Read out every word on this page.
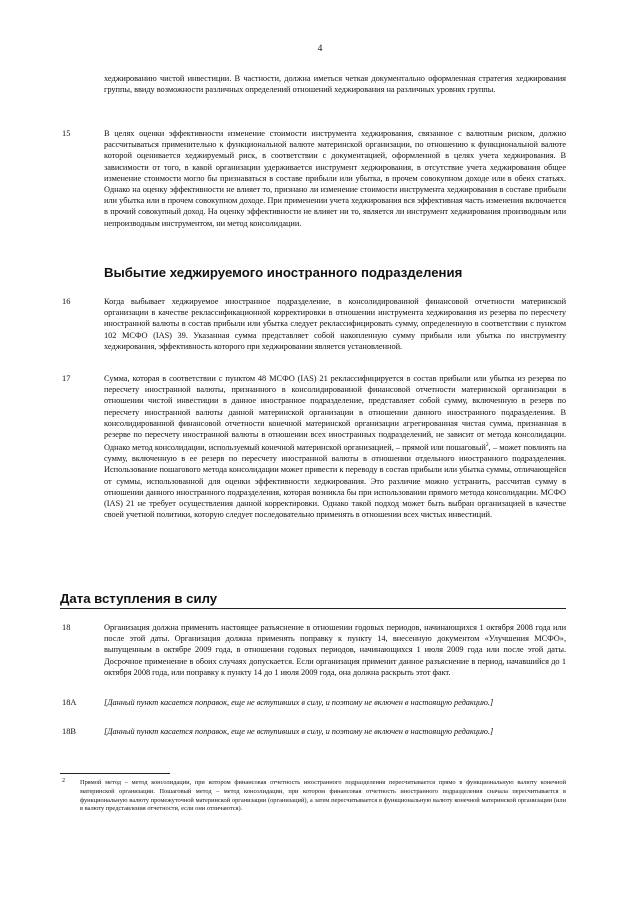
4

хеджированию чистой инвестиции. В частности, должна иметься четкая документально оформленная стратегия хеджирования группы, ввиду возможности различных определений отношений хеджирования на различных уровнях группы.

15	В целях оценки эффективности изменение стоимости инструмента хеджирования, связанное с валютным риском, должно рассчитываться применительно к функциональной валюте материнской организации, по отношению к функциональной валюте которой оценивается хеджируемый риск, в соответствии с документацией, оформленной в целях учета хеджирования. В зависимости от того, в какой организации удерживается инструмент хеджирования, в отсутствие учета хеджирования общее изменение стоимости могло бы признаваться в составе прибыли или убытка, в прочем совокупном доходе или в обеих статьях. Однако на оценку эффективности не влияет то, признано ли изменение стоимости инструмента хеджирования в составе прибыли или убытка или в прочем совокупном доходе. При применении учета хеджирования вся эффективная часть изменения включается в прочий совокупный доход. На оценку эффективности не влияет ни то, является ли инструмент хеджирования производным или непроизводным инструментом, ни метод консолидации.

Выбытие хеджируемого иностранного подразделения
16	Когда выбывает хеджируемое иностранное подразделение, в консолидированной финансовой отчетности материнской организации в качестве реклассификационной корректировки в отношении инструмента хеджирования из резерва по пересчету иностранной валюты в состав прибыли или убытка следует реклассифицировать сумму, определенную в соответствии с пунктом 102 МСФО (IAS) 39. Указанная сумма представляет собой накопленную сумму прибыли или убытка по инструменту хеджирования, эффективность которого при хеджировании является установленной.

17	Сумма, которая в соответствии с пунктом 48 МСФО (IAS) 21 реклассифицируется в состав прибыли или убытка из резерва по пересчету иностранной валюты, признанного в консолидированной финансовой отчетности материнской организации в отношении чистой инвестиции в данное иностранное подразделение, представляет собой сумму, включенную в резерв по пересчету иностранной валюты данной материнской организации в отношении данного иностранного подразделения. В консолидированной финансовой отчетности конечной материнской организации агрегированная чистая сумма, признанная в резерве по пересчету иностранной валюты в отношении всех иностранных подразделений, не зависит от метода консолидации. Однако метод консолидации, используемый конечной материнской организацией, – прямой или пошаговый$^2$, – может повлиять на сумму, включенную в ее резерв по пересчету иностранной валюты в отношении отдельного иностранного подразделения. Использование пошагового метода консолидации может привести к переводу в состав прибыли или убытка суммы, отличающейся от суммы, использованной для оценки эффективности хеджирования. Это различие можно устранить, рассчитав сумму в отношении данного иностранного подразделения, которая возникла бы при использовании прямого метода консолидации. МСФО (IAS) 21 не требует осуществления данной корректировки. Однако такой подход может быть выбран организацией в качестве своей учетной политики, которую следует последовательно применять в отношении всех чистых инвестиций.

Дата вступления в силу
18	Организация должна применять настоящее разъяснение в отношении годовых периодов, начинающихся 1 октября 2008 года или после этой даты. Организация должна применять поправку к пункту 14, внесенную документом «Улучшения МСФО», выпущенным в октябре 2009 года, в отношении годовых периодов, начинающихся 1 июля 2009 года или после этой даты. Досрочное применение в обоих случаях допускается. Если организация применит данное разъяснение в период, начавшийся до 1 октября 2008 года, или поправку к пункту 14 до 1 июля 2009 года, она должна раскрыть этот факт.

18A	[Данный пункт касается поправок, еще не вступивших в силу, и поэтому не включен в настоящую редакцию.]

18B	[Данный пункт касается поправок, еще не вступивших в силу, и поэтому не включен в настоящую редакцию.]

2 Прямой метод – метод консолидации, при котором финансовая отчетность иностранного подразделения пересчитывается прямо в функциональную валюту конечной материнской организации. Пошаговый метод – метод консолидации, при котором финансовая отчетность иностранного подразделения сначала пересчитывается в функциональную валюту промежуточной материнской организации (организаций), а затем пересчитывается в функциональную валюту конечной материнской организации (или в валюту представления отчетности, если они отличаются).
